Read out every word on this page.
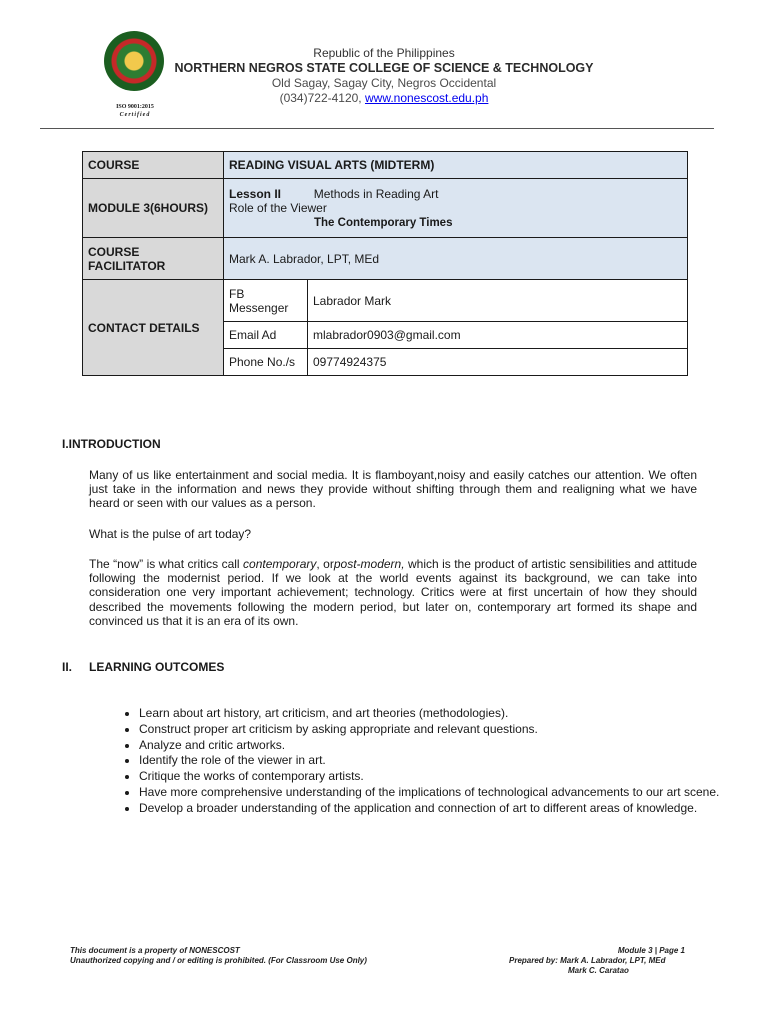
ISO 9001:2015
Certified
Republic of the Philippines
NORTHERN NEGROS STATE COLLEGE OF SCIENCE & TECHNOLOGY
Old Sagay, Sagay City, Negros Occidental
(034)722-4120, www.nonescost.edu.ph
COURSE	READING VISUAL ARTS (MIDTERM)	
MODULE 3(6HOURS)	Lesson II Methods in Reading Art
Role of the Viewer
The Contemporary Times	
COURSE FACILITATOR	Mark A. Labrador, LPT, MEd	
CONTACT DETAILS	FB Messenger	Labrador Mark
	Email Ad	mlabrador0903@gmail.com
	Phone No./s	09774924375
I.INTRODUCTION
Many of us like entertainment and social media. It is flamboyant,noisy and easily catches our attention. We often just take in the information and news they provide without shifting through them and realigning what we have heard or seen with our values as a person.
What is the pulse of art today?
The “now” is what critics call contemporary, orpost-modern, which is the product of artistic sensibilities and attitude following the modernist period. If we look at the world events against its background, we can take into consideration one very important achievement; technology. Critics were at first uncertain of how they should described the movements following the modern period, but later on, contemporary art formed its shape and convinced us that it is an era of its own.
II. LEARNING OUTCOMES
• Learn about art history, art criticism, and art theories (methodologies).
• Construct proper art criticism by asking appropriate and relevant questions.
• Analyze and critic artworks.
• Identify the role of the viewer in art.
• Critique the works of contemporary artists.
• Have more comprehensive understanding of the implications of technological advancements to our art scene.
• Develop a broader understanding of the application and connection of art to different areas of knowledge.
This document is a property of NONESCOST
Unauthorized copying and / or editing is prohibited. (For Classroom Use Only)
Module 3 | Page 1
Prepared by: Mark A. Labrador, LPT, MEd
Mark C. Caratao
